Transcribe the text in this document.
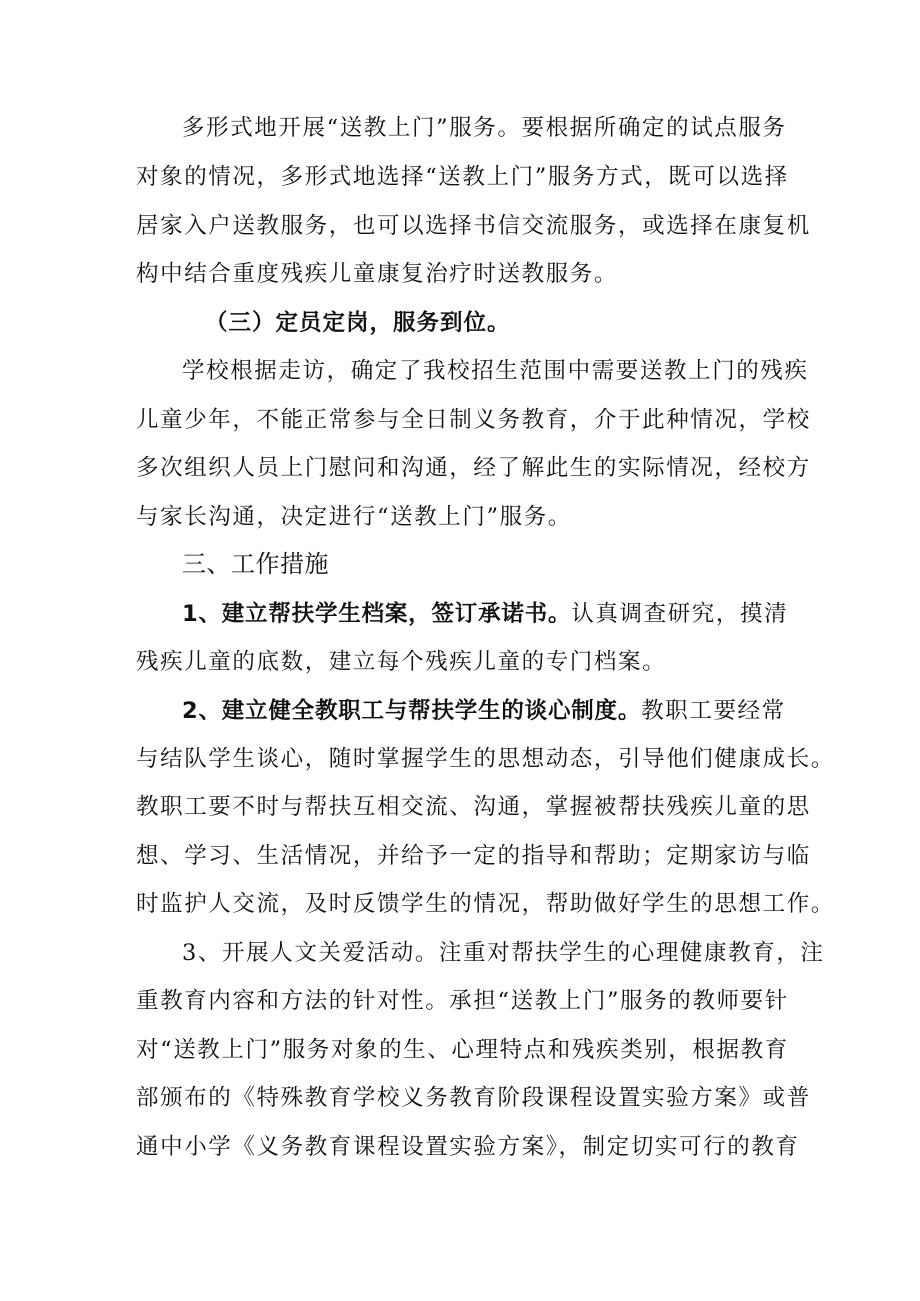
多形式地开展“送教上门”服务。要根据所确定的试点服务
对象的情况，多形式地选择“送教上门”服务方式，既可以选择
居家入户送教服务，也可以选择书信交流服务，或选择在康复机
构中结合重度残疾儿童康复治疗时送教服务。
（三）定员定岗，服务到位。
学校根据走访，确定了我校招生范围中需要送教上门的残疾
儿童少年，不能正常参与全日制义务教育，介于此种情况，学校
多次组织人员上门慰问和沟通，经了解此生的实际情况，经校方
与家长沟通，决定进行“送教上门”服务。
三、工作措施
1、建立帮扶学生档案，签订承诺书。认真调查研究，摸清
残疾儿童的底数，建立每个残疾儿童的专门档案。
2、建立健全教职工与帮扶学生的谈心制度。教职工要经常
与结队学生谈心，随时掌握学生的思想动态，引导他们健康成长。
教职工要不时与帮扶互相交流、沟通，掌握被帮扶残疾儿童的思
想、学习、生活情况，并给予一定的指导和帮助；定期家访与临
时监护人交流，及时反馈学生的情况，帮助做好学生的思想工作。
3、开展人文关爱活动。注重对帮扶学生的心理健康教育，注
重教育内容和方法的针对性。承担“送教上门”服务的教师要针
对“送教上门”服务对象的生、心理特点和残疾类别，根据教育
部颁布的《特殊教育学校义务教育阶段课程设置实验方案》或普
通中小学《义务教育课程设置实验方案》，制定切实可行的教育
